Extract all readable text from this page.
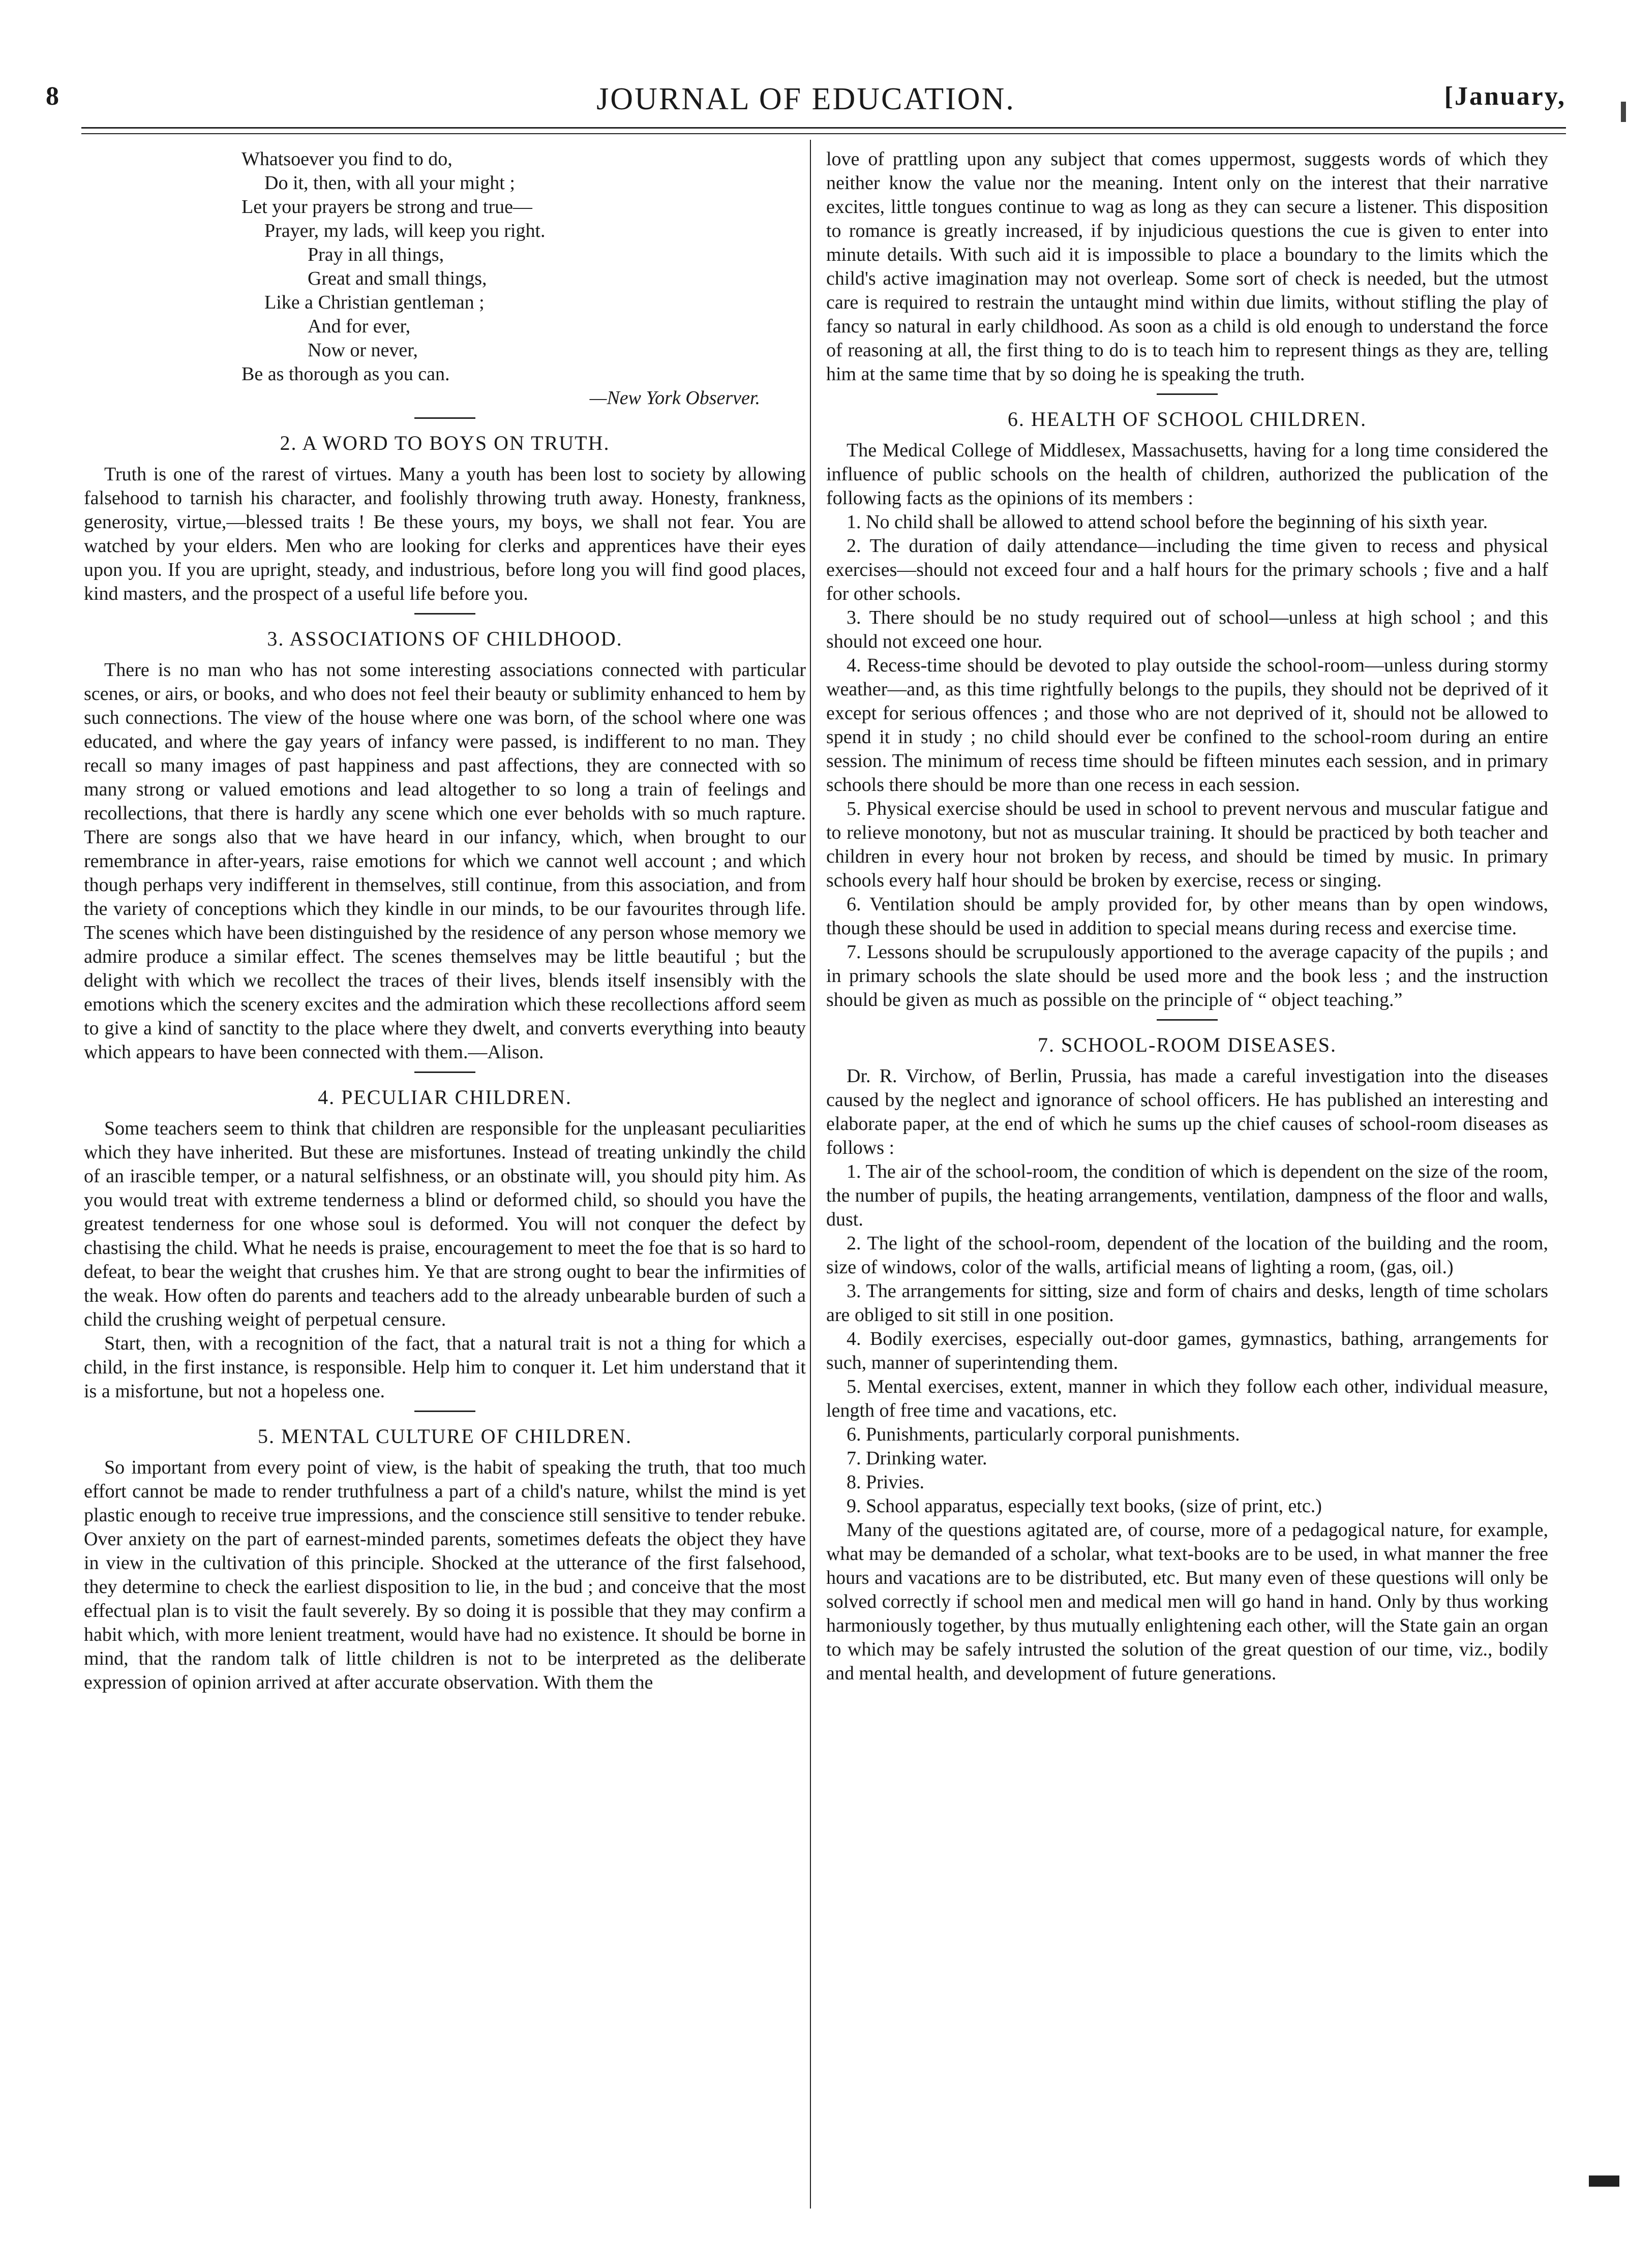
8	JOURNAL OF EDUCATION.	[January,
Whatsoever you find to do,
Do it, then, with all your might ;
Let your prayers be strong and true—
Prayer, my lads, will keep you right.
Pray in all things,
Great and small things,
Like a Christian gentleman ;
And for ever,
Now or never,
Be as thorough as you can.
—New York Observer.
2. A WORD TO BOYS ON TRUTH.

Truth is one of the rarest of virtues. Many a youth has been lost to society by allowing falsehood to tarnish his character, and foolishly throwing truth away. Honesty, frankness, generosity, virtue,—blessed traits ! Be these yours, my boys, we shall not fear. You are watched by your elders. Men who are looking for clerks and apprentices have their eyes upon you. If you are upright, steady, and industrious, before long you will find good places, kind masters, and the prospect of a useful life before you.

3. ASSOCIATIONS OF CHILDHOOD.

There is no man who has not some interesting associations connected with particular scenes, or airs, or books, and who does not feel their beauty or sublimity enhanced to hem by such connections. The view of the house where one was born, of the school where one was educated, and where the gay years of infancy were passed, is indifferent to no man. They recall so many images of past happiness and past affections, they are connected with so many strong or valued emotions and lead altogether to so long a train of feelings and recollections, that there is hardly any scene which one ever beholds with so much rapture. There are songs also that we have heard in our infancy, which, when brought to our remembrance in after-years, raise emotions for which we cannot well account ; and which though perhaps very indifferent in themselves, still continue, from this association, and from the variety of conceptions which they kindle in our minds, to be our favourites through life. The scenes which have been distinguished by the residence of any person whose memory we admire produce a similar effect. The scenes themselves may be little beautiful ; but the delight with which we recollect the traces of their lives, blends itself insensibly with the emotions which the scenery excites and the admiration which these recollections afford seem to give a kind of sanctity to the place where they dwelt, and converts everything into beauty which appears to have been connected with them.—Alison.

4. PECULIAR CHILDREN.

Some teachers seem to think that children are responsible for the unpleasant peculiarities which they have inherited. But these are misfortunes. Instead of treating unkindly the child of an irascible temper, or a natural selfishness, or an obstinate will, you should pity him. As you would treat with extreme tenderness a blind or deformed child, so should you have the greatest tenderness for one whose soul is deformed. You will not conquer the defect by chastising the child. What he needs is praise, encouragement to meet the foe that is so hard to defeat, to bear the weight that crushes him. Ye that are strong ought to bear the infirmities of the weak. How often do parents and teachers add to the already unbearable burden of such a child the crushing weight of perpetual censure.

Start, then, with a recognition of the fact, that a natural trait is not a thing for which a child, in the first instance, is responsible. Help him to conquer it. Let him understand that it is a misfortune, but not a hopeless one.

5. MENTAL CULTURE OF CHILDREN.

So important from every point of view, is the habit of speaking the truth, that too much effort cannot be made to render truthfulness a part of a child's nature, whilst the mind is yet plastic enough to receive true impressions, and the conscience still sensitive to tender rebuke. Over anxiety on the part of earnest-minded parents, sometimes defeats the object they have in view in the cultivation of this principle. Shocked at the utterance of the first falsehood, they determine to check the earliest disposition to lie, in the bud ; and conceive that the most effectual plan is to visit the fault severely. By so doing it is possible that they may confirm a habit which, with more lenient treatment, would have had no existence. It should be borne in mind, that the random talk of little children is not to be interpreted as the deliberate expression of opinion arrived at after accurate observation. With them the

love of prattling upon any subject that comes uppermost, suggests words of which they neither know the value nor the meaning. Intent only on the interest that their narrative excites, little tongues continue to wag as long as they can secure a listener. This disposition to romance is greatly increased, if by injudicious questions the cue is given to enter into minute details. With such aid it is impossible to place a boundary to the limits which the child's active imagination may not overleap. Some sort of check is needed, but the utmost care is required to restrain the untaught mind within due limits, without stifling the play of fancy so natural in early childhood. As soon as a child is old enough to understand the force of reasoning at all, the first thing to do is to teach him to represent things as they are, telling him at the same time that by so doing he is speaking the truth.

6. HEALTH OF SCHOOL CHILDREN.

The Medical College of Middlesex, Massachusetts, having for a long time considered the influence of public schools on the health of children, authorized the publication of the following facts as the opinions of its members :

1. No child shall be allowed to attend school before the beginning of his sixth year.

2. The duration of daily attendance—including the time given to recess and physical exercises—should not exceed four and a half hours for the primary schools ; five and a half for other schools.

3. There should be no study required out of school—unless at high school ; and this should not exceed one hour.

4. Recess-time should be devoted to play outside the school-room—unless during stormy weather—and, as this time rightfully belongs to the pupils, they should not be deprived of it except for serious offences ; and those who are not deprived of it, should not be allowed to spend it in study ; no child should ever be confined to the school-room during an entire session. The minimum of recess time should be fifteen minutes each session, and in primary schools there should be more than one recess in each session.

5. Physical exercise should be used in school to prevent nervous and muscular fatigue and to relieve monotony, but not as muscular training. It should be practiced by both teacher and children in every hour not broken by recess, and should be timed by music. In primary schools every half hour should be broken by exercise, recess or singing.

6. Ventilation should be amply provided for, by other means than by open windows, though these should be used in addition to special means during recess and exercise time.

7. Lessons should be scrupulously apportioned to the average capacity of the pupils ; and in primary schools the slate should be used more and the book less ; and the instruction should be given as much as possible on the principle of “ object teaching.”

7. SCHOOL-ROOM DISEASES.

Dr. R. Virchow, of Berlin, Prussia, has made a careful investigation into the diseases caused by the neglect and ignorance of school officers. He has published an interesting and elaborate paper, at the end of which he sums up the chief causes of school-room diseases as follows :

1. The air of the school-room, the condition of which is dependent on the size of the room, the number of pupils, the heating arrangements, ventilation, dampness of the floor and walls, dust.

2. The light of the school-room, dependent of the location of the building and the room, size of windows, color of the walls, artificial means of lighting a room, (gas, oil.)

3. The arrangements for sitting, size and form of chairs and desks, length of time scholars are obliged to sit still in one position.

4. Bodily exercises, especially out-door games, gymnastics, bathing, arrangements for such, manner of superintending them.

5. Mental exercises, extent, manner in which they follow each other, individual measure, length of free time and vacations, etc.

6. Punishments, particularly corporal punishments.

7. Drinking water.

8. Privies.

9. School apparatus, especially text books, (size of print, etc.)

Many of the questions agitated are, of course, more of a pedagogical nature, for example, what may be demanded of a scholar, what text-books are to be used, in what manner the free hours and vacations are to be distributed, etc. But many even of these questions will only be solved correctly if school men and medical men will go hand in hand. Only by thus working harmoniously together, by thus mutually enlightening each other, will the State gain an organ to which may be safely intrusted the solution of the great question of our time, viz., bodily and mental health, and development of future generations.
